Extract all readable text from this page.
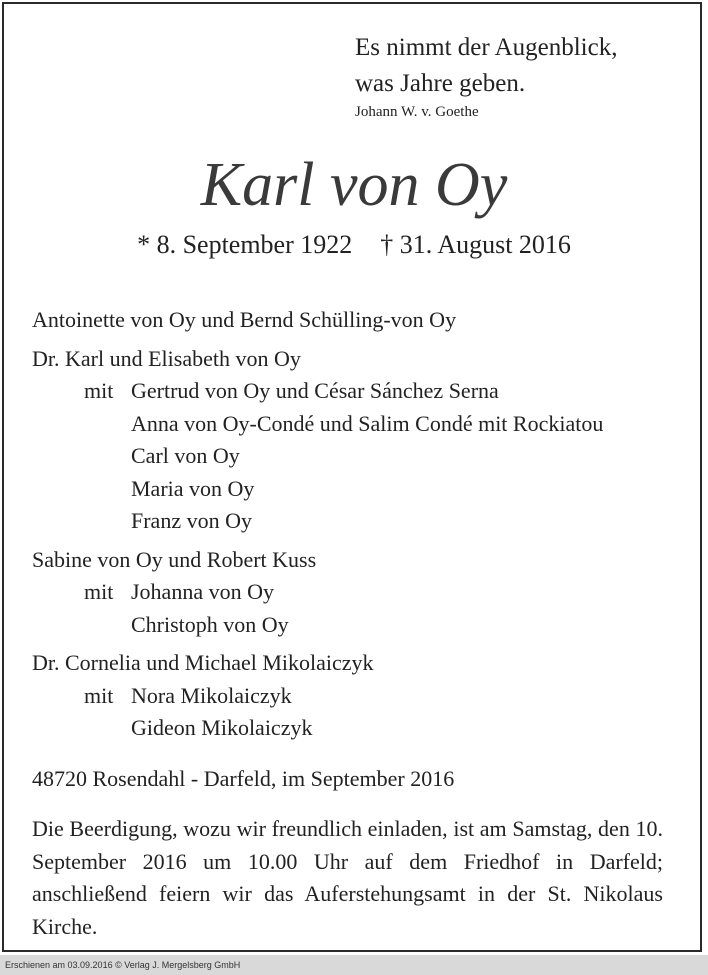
Es nimmt der Augenblick,
was Jahre geben.
Johann W. v. Goethe
Karl von Oy
* 8. September 1922 † 31. August 2016
Antoinette von Oy und Bernd Schülling-von Oy
Dr. Karl und Elisabeth von Oy
mit Gertrud von Oy und César Sánchez Serna
Anna von Oy-Condé und Salim Condé mit Rockiatou
Carl von Oy
Maria von Oy
Franz von Oy
Sabine von Oy und Robert Kuss
mit Johanna von Oy
Christoph von Oy
Dr. Cornelia und Michael Mikolaiczyk
mit Nora Mikolaiczyk
Gideon Mikolaiczyk
48720 Rosendahl - Darfeld, im September 2016
Die Beerdigung, wozu wir freundlich einladen, ist am Samstag, den 10. September 2016 um 10.00 Uhr auf dem Friedhof in Darfeld; anschließend feiern wir das Auferstehungsamt in der St. Nikolaus Kirche.
Erschienen am 03.09.2016 © Verlag J. Mergelsberg GmbH
